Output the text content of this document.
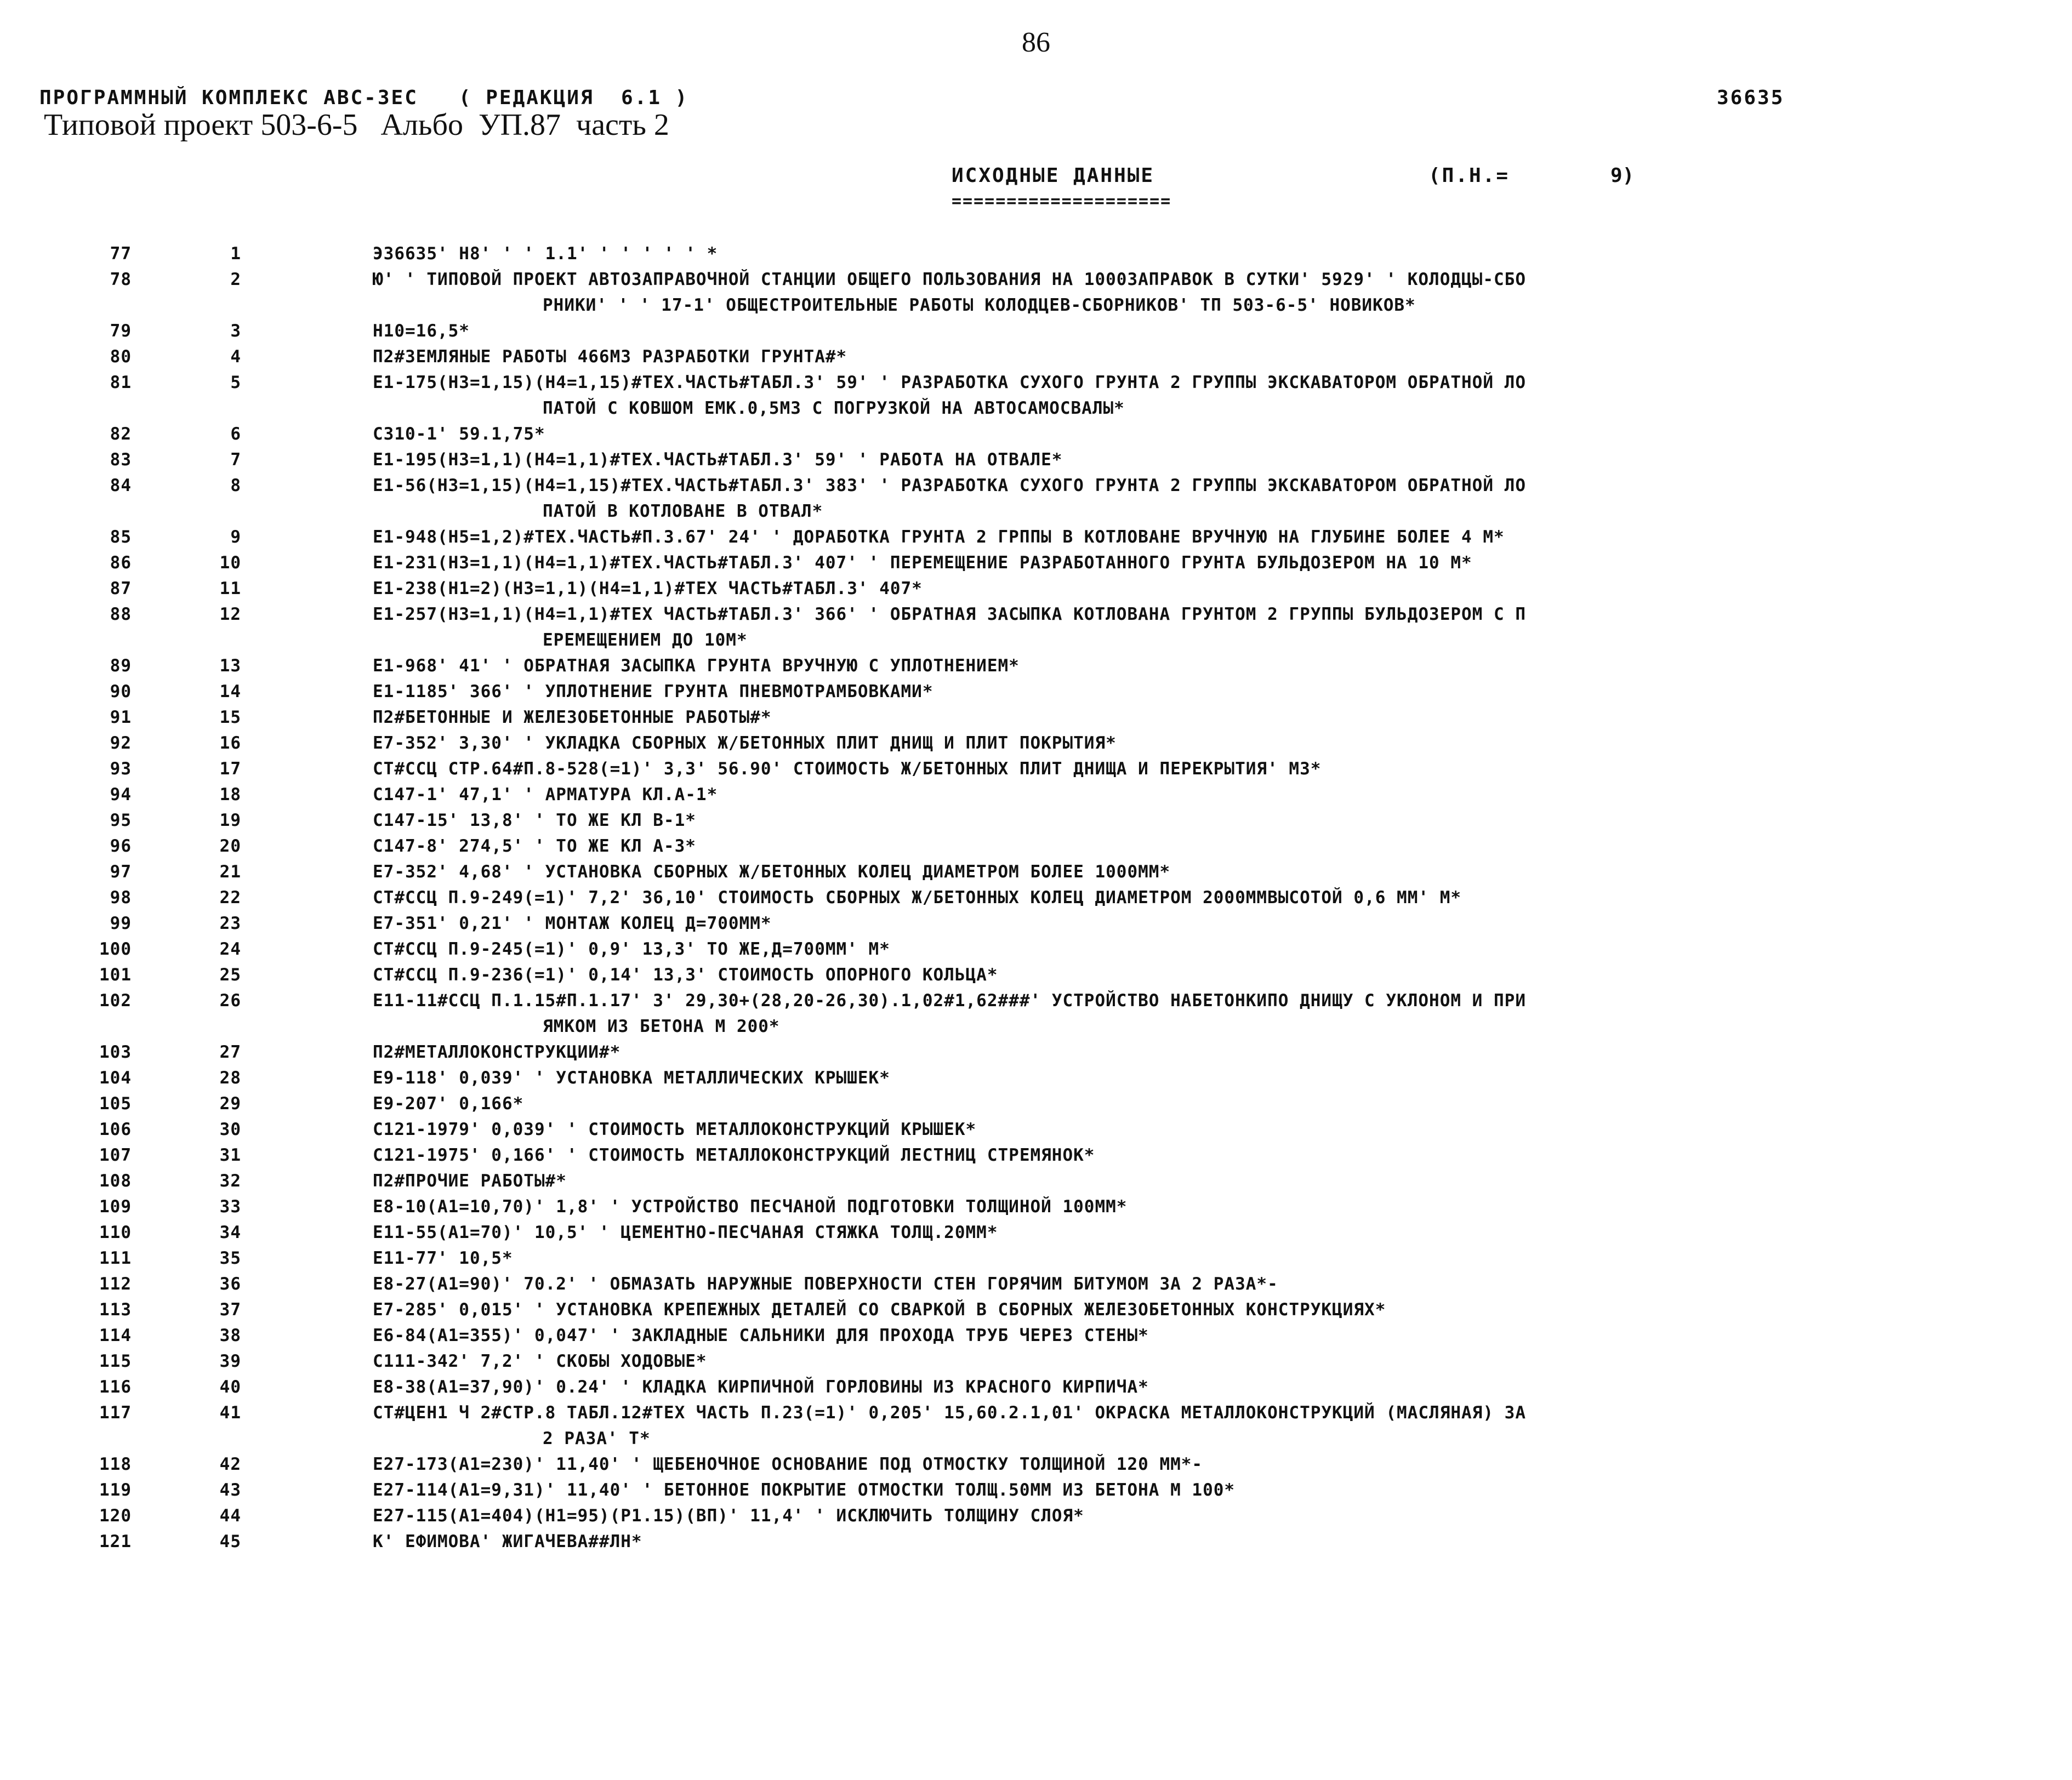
86
ПРОГРАММНЫЙ КОМПЛЕКС АВС-ЗЕС   ( РЕДАКЦИЯ  6.1 )	36635
Типовой проект 503-6-5   Альбо  УП.87  часть 2
ИСХОДНЫЕ ДАННЫЕ	(П.Н.=	9)
====================
77	1	Э36635' Н8' ' ' 1.1' ' ' ' ' ' *
78	2	Ю' ' ТИПОВОЙ ПРОЕКТ АВТОЗАПРАВОЧНОЙ СТАНЦИИ ОБЩЕГО ПОЛЬЗОВАНИЯ НА 1000ЗАПРАВОК В СУТКИ' 5929' ' КОЛОДЦЫ-СБО
РНИКИ' ' ' 17-1' ОБЩЕСТРОИТЕЛЬНЫЕ РАБОТЫ КОЛОДЦЕВ-СБОРНИКОВ' ТП 503-6-5' НОВИКОВ*
79	3	Н10=16,5*
80	4	П2#ЗЕМЛЯНЫЕ РАБОТЫ 466М3 РАЗРАБОТКИ ГРУНТА#*
81	5	Е1-175(Н3=1,15)(Н4=1,15)#ТЕХ.ЧАСТЬ#ТАБЛ.3' 59' ' РАЗРАБОТКА СУХОГО ГРУНТА 2 ГРУППЫ ЭКСКАВАТОРОМ ОБРАТНОЙ ЛО
ПАТОЙ С КОВШОМ ЕМК.0,5М3 С ПОГРУЗКОЙ НА АВТОСАМОСВАЛЫ*
82	6	С310-1' 59.1,75*
83	7	Е1-195(Н3=1,1)(Н4=1,1)#ТЕХ.ЧАСТЬ#ТАБЛ.3' 59' ' РАБОТА НА ОТВАЛЕ*
84	8	Е1-56(Н3=1,15)(Н4=1,15)#ТЕХ.ЧАСТЬ#ТАБЛ.3' 383' ' РАЗРАБОТКА СУХОГО ГРУНТА 2 ГРУППЫ ЭКСКАВАТОРОМ ОБРАТНОЙ ЛО
ПАТОЙ В КОТЛОВАНЕ В ОТВАЛ*
85	9	Е1-948(Н5=1,2)#ТЕХ.ЧАСТЬ#П.3.67' 24' ' ДОРАБОТКА ГРУНТА 2 ГРППЫ В КОТЛОВАНЕ ВРУЧНУЮ НА ГЛУБИНЕ БОЛЕЕ 4 М*
86	10	Е1-231(Н3=1,1)(Н4=1,1)#ТЕХ.ЧАСТЬ#ТАБЛ.3' 407' ' ПЕРЕМЕЩЕНИЕ РАЗРАБОТАННОГО ГРУНТА БУЛЬДОЗЕРОМ НА 10 М*
87	11	Е1-238(Н1=2)(Н3=1,1)(Н4=1,1)#ТЕХ ЧАСТЬ#ТАБЛ.3' 407*
88	12	Е1-257(Н3=1,1)(Н4=1,1)#ТЕХ ЧАСТЬ#ТАБЛ.3' 366' ' ОБРАТНАЯ ЗАСЫПКА КОТЛОВАНА ГРУНТОМ 2 ГРУППЫ БУЛЬДОЗЕРОМ С П
ЕРЕМЕЩЕНИЕМ ДО 10М*
89	13	Е1-968' 41' ' ОБРАТНАЯ ЗАСЫПКА ГРУНТА ВРУЧНУЮ С УПЛОТНЕНИЕМ*
90	14	Е1-1185' 366' ' УПЛОТНЕНИЕ ГРУНТА ПНЕВМОТРАМБОВКАМИ*
91	15	П2#БЕТОННЫЕ И ЖЕЛЕЗОБЕТОННЫЕ РАБОТЫ#*
92	16	Е7-352' 3,30' ' УКЛАДКА СБОРНЫХ Ж/БЕТОННЫХ ПЛИТ ДНИЩ И ПЛИТ ПОКРЫТИЯ*
93	17	СТ#ССЦ СТР.64#П.8-528(=1)' 3,3' 56.90' СТОИМОСТЬ Ж/БЕТОННЫХ ПЛИТ ДНИЩА И ПЕРЕКРЫТИЯ' М3*
94	18	С147-1' 47,1' ' АРМАТУРА КЛ.А-1*
95	19	С147-15' 13,8' ' ТО ЖЕ КЛ В-1*
96	20	С147-8' 274,5' ' ТО ЖЕ КЛ А-3*
97	21	Е7-352' 4,68' ' УСТАНОВКА СБОРНЫХ Ж/БЕТОННЫХ КОЛЕЦ ДИАМЕТРОМ БОЛЕЕ 1000ММ*
98	22	СТ#ССЦ П.9-249(=1)' 7,2' 36,10' СТОИМОСТЬ СБОРНЫХ Ж/БЕТОННЫХ КОЛЕЦ ДИАМЕТРОМ 2000ММВЫСОТОЙ 0,6 ММ' М*
99	23	Е7-351' 0,21' ' МОНТАЖ КОЛЕЦ Д=700ММ*
100	24	СТ#ССЦ П.9-245(=1)' 0,9' 13,3' ТО ЖЕ,Д=700ММ' М*
101	25	СТ#ССЦ П.9-236(=1)' 0,14' 13,3' СТОИМОСТЬ ОПОРНОГО КОЛЬЦА*
102	26	Е11-11#ССЦ П.1.15#П.1.17' 3' 29,30+(28,20-26,30).1,02#1,62###' УСТРОЙСТВО НАБЕТОНКИПО ДНИЩУ С УКЛОНОМ И ПРИ
ЯМКОМ ИЗ БЕТОНА М 200*
103	27	П2#МЕТАЛЛОКОНСТРУКЦИИ#*
104	28	Е9-118' 0,039' ' УСТАНОВКА МЕТАЛЛИЧЕСКИХ КРЫШЕК*
105	29	Е9-207' 0,166*
106	30	С121-1979' 0,039' ' СТОИМОСТЬ МЕТАЛЛОКОНСТРУКЦИЙ КРЫШЕК*
107	31	С121-1975' 0,166' ' СТОИМОСТЬ МЕТАЛЛОКОНСТРУКЦИЙ ЛЕСТНИЦ СТРЕМЯНОК*
108	32	П2#ПРОЧИЕ РАБОТЫ#*
109	33	Е8-10(А1=10,70)' 1,8' ' УСТРОЙСТВО ПЕСЧАНОЙ ПОДГОТОВКИ ТОЛЩИНОЙ 100ММ*
110	34	Е11-55(А1=70)' 10,5' ' ЦЕМЕНТНО-ПЕСЧАНАЯ СТЯЖКА ТОЛЩ.20ММ*
111	35	Е11-77' 10,5*
112	36	Е8-27(А1=90)' 70.2' ' ОБМАЗАТЬ НАРУЖНЫЕ ПОВЕРХНОСТИ СТЕН ГОРЯЧИМ БИТУМОМ ЗА 2 РАЗА*-
113	37	Е7-285' 0,015' ' УСТАНОВКА КРЕПЕЖНЫХ ДЕТАЛЕЙ СО СВАРКОЙ В СБОРНЫХ ЖЕЛЕЗОБЕТОННЫХ КОНСТРУКЦИЯХ*
114	38	Е6-84(А1=355)' 0,047' ' ЗАКЛАДНЫЕ САЛЬНИКИ ДЛЯ ПРОХОДА ТРУБ ЧЕРЕЗ СТЕНЫ*
115	39	С111-342' 7,2' ' СКОБЫ ХОДОВЫЕ*
116	40	Е8-38(А1=37,90)' 0.24' ' КЛАДКА КИРПИЧНОЙ ГОРЛОВИНЫ ИЗ КРАСНОГО КИРПИЧА*
117	41	СТ#ЦЕН1 Ч 2#СТР.8 ТАБЛ.12#ТЕХ ЧАСТЬ П.23(=1)' 0,205' 15,60.2.1,01' ОКРАСКА МЕТАЛЛОКОНСТРУКЦИЙ (МАСЛЯНАЯ) ЗА
2 РАЗА' Т*
118	42	Е27-173(А1=230)' 11,40' ' ЩЕБЕНОЧНОЕ ОСНОВАНИЕ ПОД ОТМОСТКУ ТОЛЩИНОЙ 120 ММ*-
119	43	Е27-114(А1=9,31)' 11,40' ' БЕТОННОЕ ПОКРЫТИЕ ОТМОСТКИ ТОЛЩ.50ММ ИЗ БЕТОНА М 100*
120	44	Е27-115(А1=404)(Н1=95)(Р1.15)(ВП)' 11,4' ' ИСКЛЮЧИТЬ ТОЛЩИНУ СЛОЯ*
121	45	К' ЕФИМОВА' ЖИГАЧЕВА##ЛН*
